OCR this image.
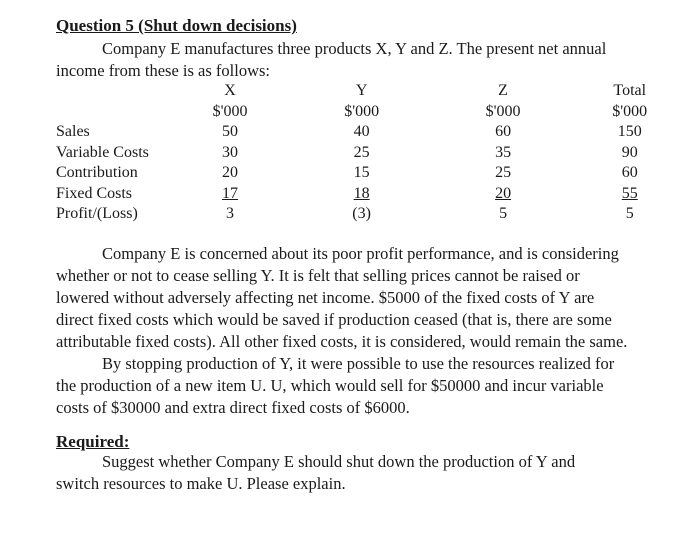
Question 5 (Shut down decisions)
Company E manufactures three products X, Y and Z. The present net annual
income from these is as follows:
	X	Y	Z	Total
	$'000	$'000	$'000	$'000
Sales	50	40	60	150
Variable Costs	30	25	35	90
Contribution	20	15	25	60
Fixed Costs	17	18	20	55
Profit/(Loss)	3	(3)	5	5
Company E is concerned about its poor profit performance, and is considering
whether or not to cease selling Y. It is felt that selling prices cannot be raised or
lowered without adversely affecting net income. $5000 of the fixed costs of Y are
direct fixed costs which would be saved if production ceased (that is, there are some
attributable fixed costs). All other fixed costs, it is considered, would remain the same.
By stopping production of Y, it were possible to use the resources realized for
the production of a new item U. U, which would sell for $50000 and incur variable
costs of $30000 and extra direct fixed costs of $6000.
Required:
Suggest whether Company E should shut down the production of Y and
switch resources to make U. Please explain.
